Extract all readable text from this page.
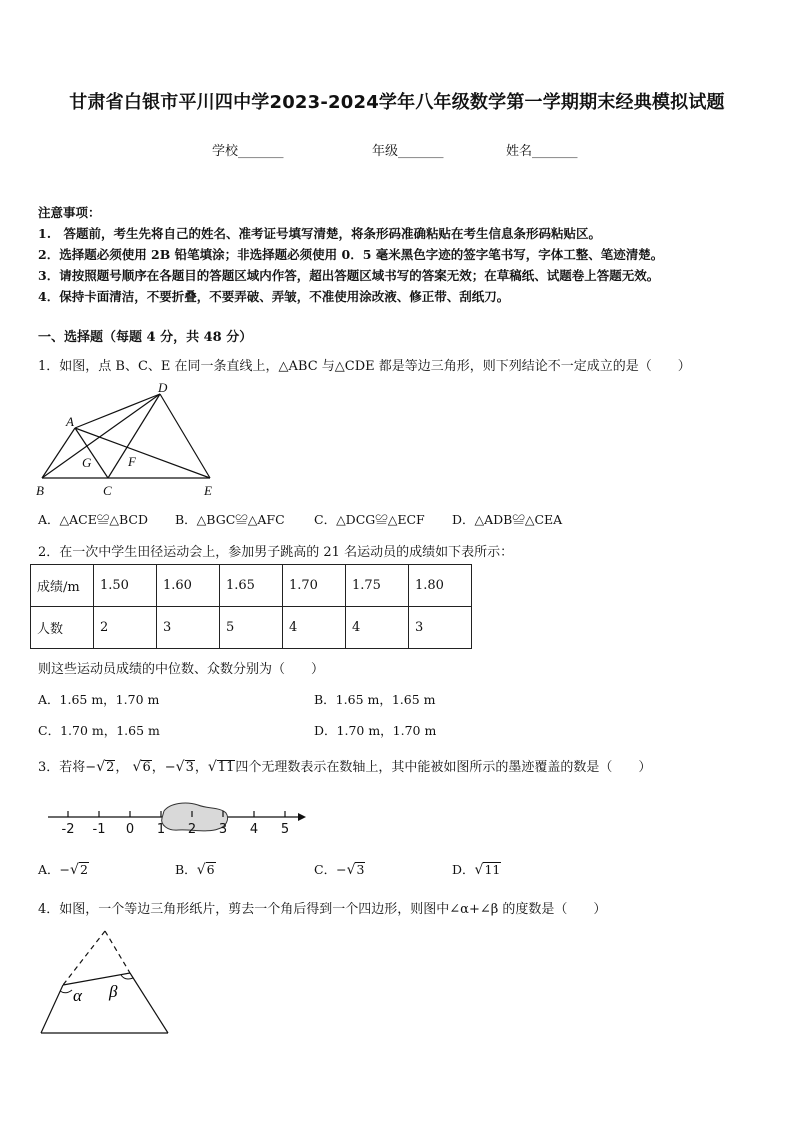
甘肃省白银市平川四中学2023-2024学年八年级数学第一学期期末经典模拟试题
学校_______	年级_______	姓名_______
注意事项：
1.　答题前，考生先将自己的姓名、准考证号填写清楚，将条形码准确粘贴在考生信息条形码粘贴区。
2．选择题必须使用 2B 铅笔填涂；非选择题必须使用 0．5 毫米黑色字迹的签字笔书写，字体工整、笔迹清楚。
3．请按照题号顺序在各题目的答题区域内作答，超出答题区域书写的答案无效；在草稿纸、试题卷上答题无效。
4．保持卡面清洁，不要折叠，不要弄破、弄皱，不准使用涂改液、修正带、刮纸刀。
一、选择题（每题 4 分，共 48 分）
1．如图，点 B、C、E 在同一条直线上，△ABC 与△CDE 都是等边三角形，则下列结论不一定成立的是（　　）
D
A
G	F
B	C	E
A．△ACE≌△BCD B．△BGC≌△AFC C．△DCG≌△ECF D．△ADB≌△CEA
2．在一次中学生田径运动会上，参加男子跳高的 21 名运动员的成绩如下表所示：
成绩/m	1.50	1.60	1.65	1.70	1.75	1.80
人数	2	3	5	4	4	3
则这些运动员成绩的中位数、众数分别为（　　）
A．1.65 m，1.70 m	B．1.65 m，1.65 m
C．1.70 m，1.65 m	D．1.70 m，1.70 m
3．若将−√2， √6，−√3，√11四个无理数表示在数轴上，其中能被如图所示的墨迹覆盖的数是（　　）
-2 -1 0 1 2 3 4 5
A．−√2	B．√6	C．−√3	D．√11
4．如图，一个等边三角形纸片，剪去一个角后得到一个四边形，则图中∠α+∠β 的度数是（　　）
α β
